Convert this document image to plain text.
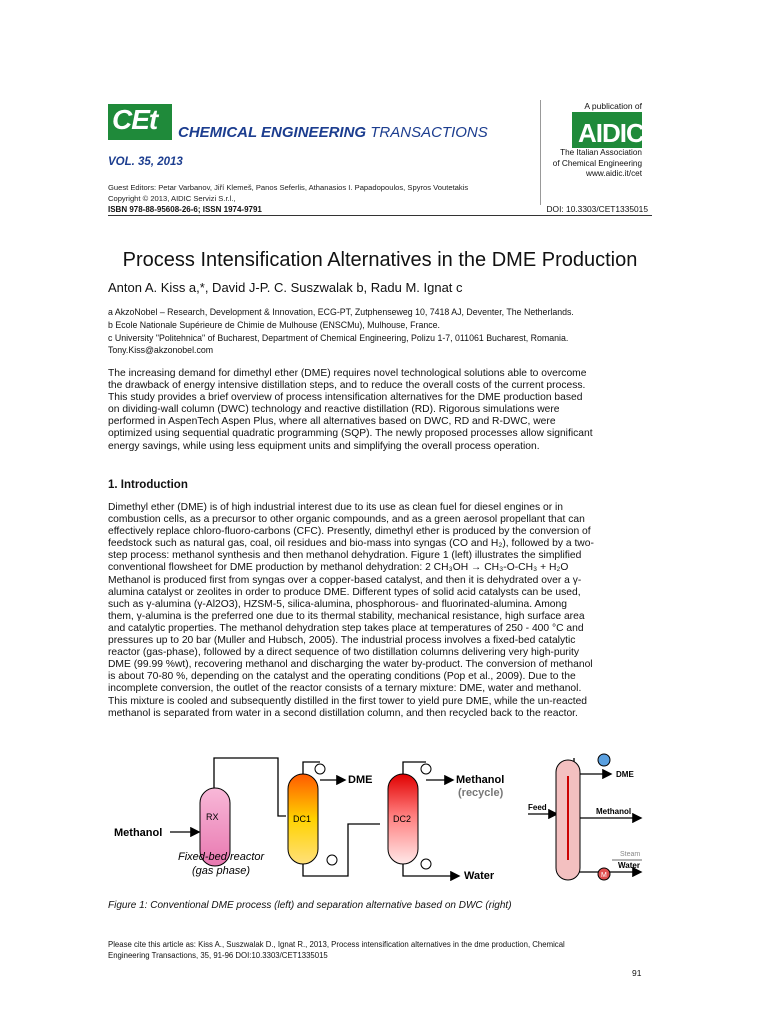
CEt CHEMICAL ENGINEERING TRANSACTIONS
VOL. 35, 2013
Guest Editors: Petar Varbanov, Jiří Klemeš, Panos Seferlis, Athanasios I. Papadopoulos, Spyros Voutetakis
Copyright © 2013, AIDIC Servizi S.r.l.,
ISBN 978-88-95608-26-6; ISSN 1974-9791
A publication of
AIDIC
The Italian Association
of Chemical Engineering
www.aidic.it/cet
DOI: 10.3303/CET1335015
Process Intensification Alternatives in the DME Production
Anton A. Kiss a,*, David J-P. C. Suszwalak b, Radu M. Ignat c
a AkzoNobel – Research, Development & Innovation, ECG-PT, Zutphenseweg 10, 7418 AJ, Deventer, The Netherlands.
b Ecole Nationale Supérieure de Chimie de Mulhouse (ENSCMu), Mulhouse, France.
c University "Politehnica" of Bucharest, Department of Chemical Engineering, Polizu 1-7, 011061 Bucharest, Romania.
Tony.Kiss@akzonobel.com
The increasing demand for dimethyl ether (DME) requires novel technological solutions able to overcome
the drawback of energy intensive distillation steps, and to reduce the overall costs of the current process.
This study provides a brief overview of process intensification alternatives for the DME production based
on dividing-wall column (DWC) technology and reactive distillation (RD). Rigorous simulations were
performed in AspenTech Aspen Plus, where all alternatives based on DWC, RD and R-DWC, were
optimized using sequential quadratic programming (SQP). The newly proposed processes allow significant
energy savings, while using less equipment units and simplifying the overall process operation.
1. Introduction
Dimethyl ether (DME) is of high industrial interest due to its use as clean fuel for diesel engines or in
combustion cells, as a precursor to other organic compounds, and as a green aerosol propellant that can
effectively replace chloro-fluoro-carbons (CFC). Presently, dimethyl ether is produced by the conversion of
feedstock such as natural gas, coal, oil residues and bio-mass into syngas (CO and H₂), followed by a two-
step process: methanol synthesis and then methanol dehydration. Figure 1 (left) illustrates the simplified
conventional flowsheet for DME production by methanol dehydration: 2 CH₃OH → CH₃-O-CH₃ + H₂O
Methanol is produced first from syngas over a copper-based catalyst, and then it is dehydrated over a γ-
alumina catalyst or zeolites in order to produce DME. Different types of solid acid catalysts can be used,
such as γ-alumina (γ-Al2O3), HZSM-5, silica-alumina, phosphorous- and fluorinated-alumina. Among
them, γ-alumina is the preferred one due to its thermal stability, mechanical resistance, high surface area
and catalytic properties. The methanol dehydration step takes place at temperatures of 250 - 400 °C and
pressures up to 20 bar (Muller and Hubsch, 2005). The industrial process involves a fixed-bed catalytic
reactor (gas-phase), followed by a direct sequence of two distillation columns delivering very high-purity
DME (99.99 %wt), recovering methanol and discharging the water by-product. The conversion of methanol
is about 70-80 %, depending on the catalyst and the operating conditions (Pop et al., 2009). Due to the
incomplete conversion, the outlet of the reactor consists of a ternary mixture: DME, water and methanol.
This mixture is cooled and subsequently distilled in the first tower to yield pure DME, while the un-reacted
methanol is separated from water in a second distillation column, and then recycled back to the reactor.
Methanol
RX	DC1	DC2
DME	Methanol
(recycle)
Water
Fixed-bed reactor
(gas phase)
DME
Feed	Methanol
Steam
Water
M
Figure 1: Conventional DME process (left) and separation alternative based on DWC (right)
Please cite this article as: Kiss A., Suszwalak D., Ignat R., 2013, Process intensification alternatives in the dme production, Chemical
Engineering Transactions, 35, 91-96 DOI:10.3303/CET1335015
91
